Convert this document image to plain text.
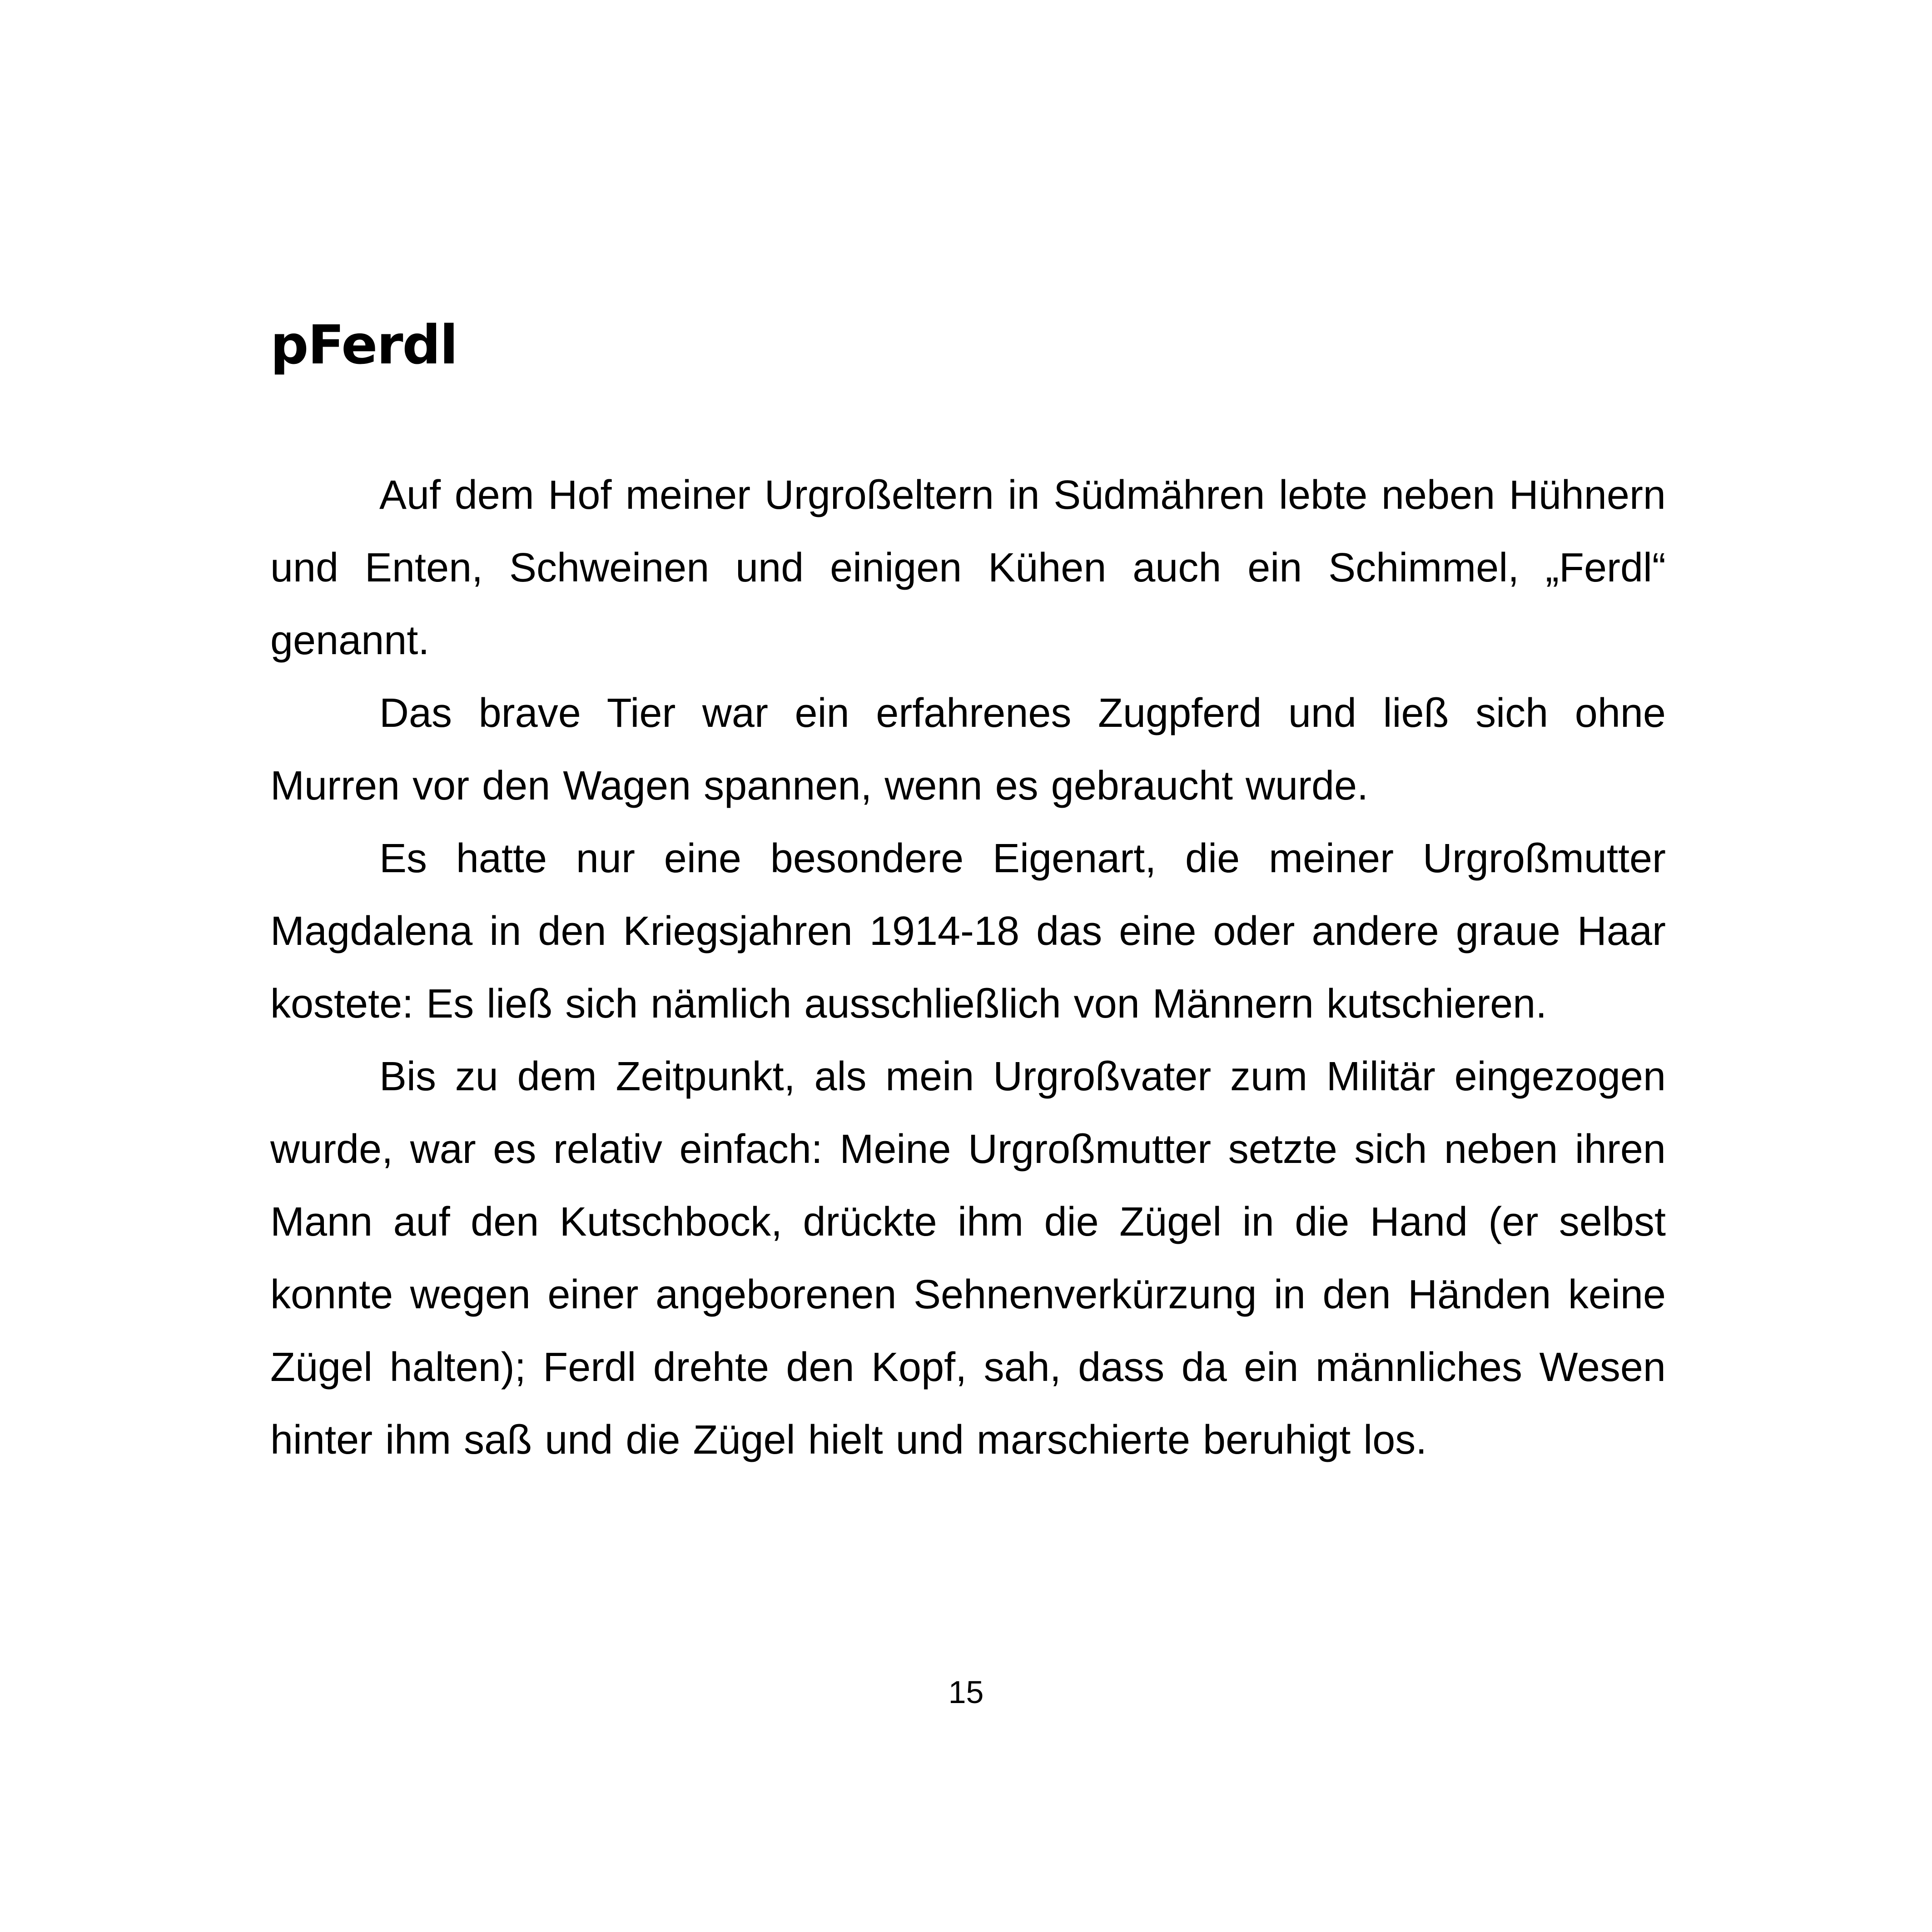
pFerdl

Auf dem Hof meiner Urgroßeltern in Südmähren lebte neben Hühnern und Enten, Schweinen und einigen Kühen auch ein Schimmel, „Ferdl“ genannt.

Das brave Tier war ein erfahrenes Zugpferd und ließ sich ohne Murren vor den Wagen spannen, wenn es gebraucht wurde.

Es hatte nur eine besondere Eigenart, die meiner Urgroßmutter Magdalena in den Kriegsjahren 1914-18 das eine oder andere graue Haar kostete: Es ließ sich nämlich ausschließlich von Männern kutschieren.

Bis zu dem Zeitpunkt, als mein Urgroßvater zum Militär eingezogen wurde, war es relativ einfach: Meine Urgroßmutter setzte sich neben ihren Mann auf den Kutschbock, drückte ihm die Zügel in die Hand (er selbst konnte wegen einer angeborenen Sehnenverkürzung in den Händen keine Zügel halten); Ferdl drehte den Kopf, sah, dass da ein männliches Wesen hinter ihm saß und die Zügel hielt und marschierte beruhigt los.

15
